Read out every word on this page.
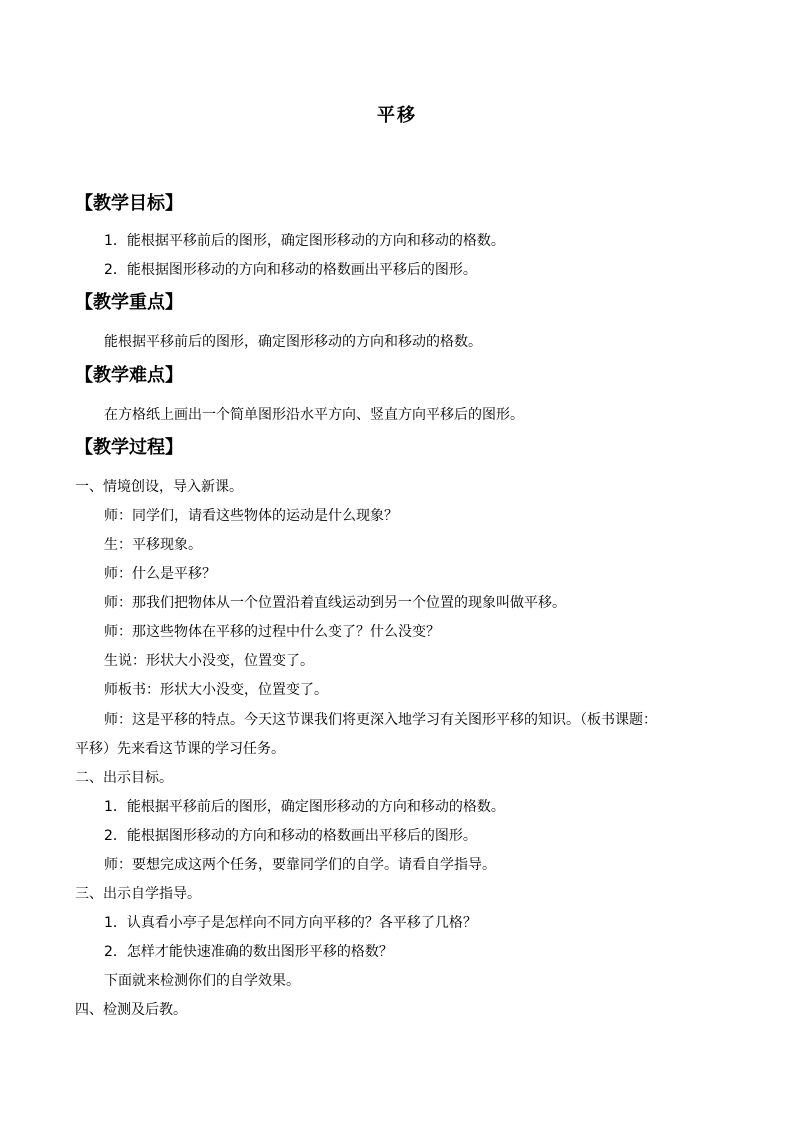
平移
【教学目标】
1．能根据平移前后的图形，确定图形移动的方向和移动的格数。
2．能根据图形移动的方向和移动的格数画出平移后的图形。
【教学重点】
能根据平移前后的图形，确定图形移动的方向和移动的格数。
【教学难点】
在方格纸上画出一个简单图形沿水平方向、竖直方向平移后的图形。
【教学过程】
一、情境创设，导入新课。
师：同学们，请看这些物体的运动是什么现象？
生：平移现象。
师：什么是平移？
师：那我们把物体从一个位置沿着直线运动到另一个位置的现象叫做平移。
师：那这些物体在平移的过程中什么变了？什么没变？
生说：形状大小没变，位置变了。
师板书：形状大小没变，位置变了。
师：这是平移的特点。今天这节课我们将更深入地学习有关图形平移的知识。（板书课题：
平移）先来看这节课的学习任务。
二、出示目标。
1．能根据平移前后的图形，确定图形移动的方向和移动的格数。
2．能根据图形移动的方向和移动的格数画出平移后的图形。
师：要想完成这两个任务，要靠同学们的自学。请看自学指导。
三、出示自学指导。
1．认真看小亭子是怎样向不同方向平移的？各平移了几格？
2．怎样才能快速准确的数出图形平移的格数？
下面就来检测你们的自学效果。
四、检测及后教。
